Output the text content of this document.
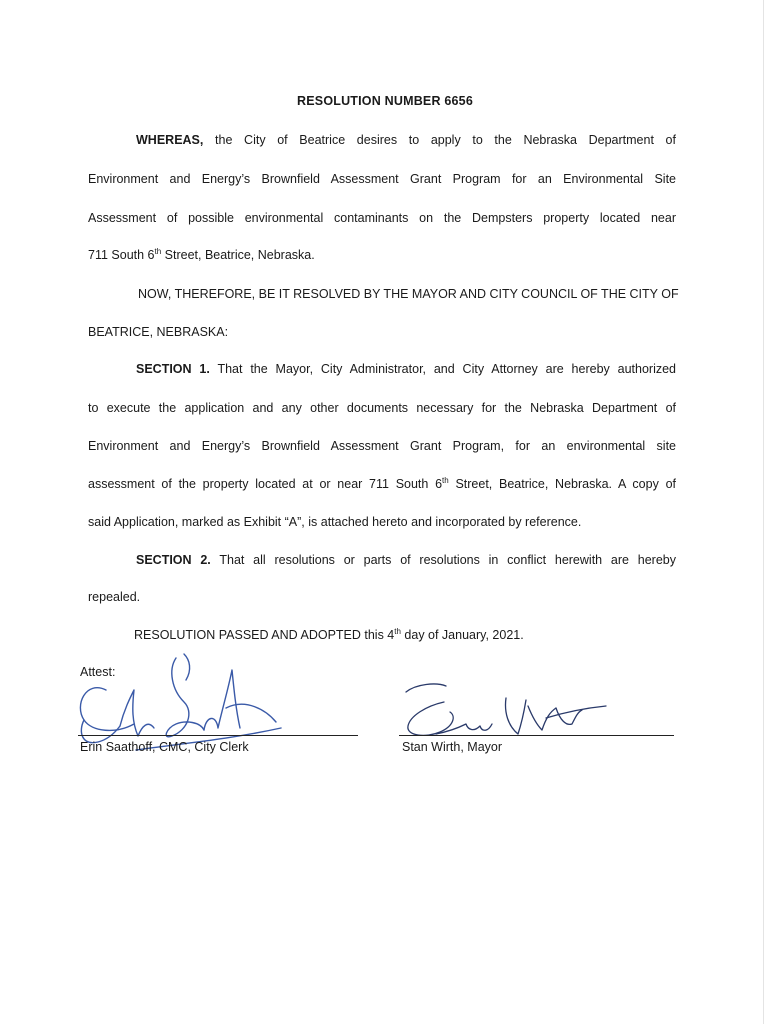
RESOLUTION NUMBER 6656
WHEREAS, the City of Beatrice desires to apply to the Nebraska Department of
Environment and Energy’s Brownfield Assessment Grant Program for an Environmental Site
Assessment of possible environmental contaminants on the Dempsters property located near
711 South 6th Street, Beatrice, Nebraska.
NOW, THEREFORE, BE IT RESOLVED BY THE MAYOR AND CITY COUNCIL OF THE CITY OF
BEATRICE, NEBRASKA:
SECTION 1. That the Mayor, City Administrator, and City Attorney are hereby authorized
to execute the application and any other documents necessary for the Nebraska Department of
Environment and Energy’s Brownfield Assessment Grant Program, for an environmental site
assessment of the property located at or near 711 South 6th Street, Beatrice, Nebraska. A copy of
said Application, marked as Exhibit “A”, is attached hereto and incorporated by reference.
SECTION 2. That all resolutions or parts of resolutions in conflict herewith are hereby
repealed.
RESOLUTION PASSED AND ADOPTED this 4th day of January, 2021.
Attest:
Erin Saathoff, CMC, City Clerk	Stan Wirth, Mayor
